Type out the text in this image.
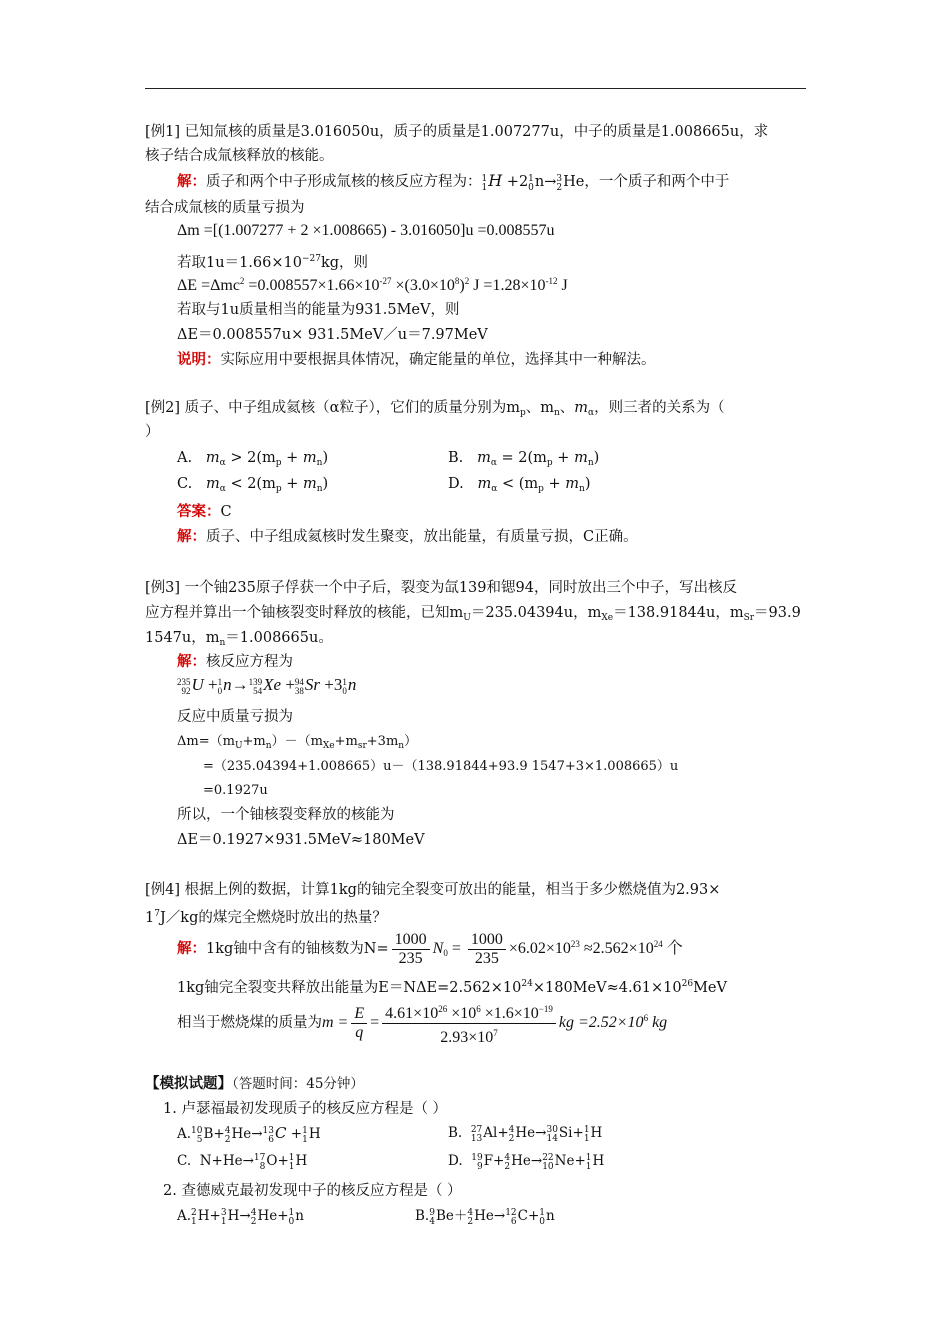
[例1] 已知氚核的质量是3.016050u，质子的质量是1.007277u，中子的质量是1.008665u，求
核子结合成氚核释放的核能。
解：质子和两个中子形成氚核的核反应方程为： 1
1 H +2 1
0 n→ 3
2 He，一个质子和两个中于
结合成氚核的质量亏损为
Δm =[(1.007277 + 2 ×1.008665) - 3.016050]u =0.008557u
若取$1u=1.66\times 10^{-27}kg$，则
$\Delta E =\Delta mc^2 =0.008557\times 1.66\times 10^{-27} \times(3.0\times 10^8)^2$ $J =1.28\times 10^{-12}$ J
若取与1u质量相当的能量为931.5MeV，则
ΔE＝0.008557u× 931.5MeV／u＝7.97MeV
说明：实际应用中要根据具体情况，确定能量的单位，选择其中一种解法。
[例2] 质子、中子组成氦核（α粒子），它们的质量分别为$m_p$、$m_n$、$m_\alpha$，则三者的关系为（
）
A. $m_\alpha > 2(m_p + m_n)$	B. $m_\alpha = 2(m_p + m_n)$
C. $m_\alpha < 2(m_p + m_n)$	D. $m_\alpha < (m_p + m_n)$
答案：C
解：质子、中子组成氦核时发生聚变，放出能量，有质量亏损，C正确。
[例3] 一个铀235原子俘获一个中子后，裂变为氙139和锶94，同时放出三个中子，写出核反
应方程并算出一个铀核裂变时释放的核能，已知$m_U=235.04394u$，$m_{Xe}=138.91844u$，$m_{Sr}=93.9$
1547u，$m_n=1.008665u$。
解：核反应方程为
235
92 U + 1
0 n→ 139
54 Xe + 94
38 Sr +3 1
0 n
反应中质量亏损为
$\Delta m=(m_U+m_n)-(m_{Xe}+m_{sr}+3m_n)$
=（235.04394+1.008665）u－（138.91844+93.9 1547+3×1.008665）u
=0.1927u
所以，一个铀核裂变释放的核能为
ΔE＝0.1927×931.5MeV≈180MeV
[例4] 根据上例的数据，计算1kg的铀完全裂变可放出的能量，相当于多少燃烧值为2.93×
$1^7J/kg$的煤完全燃烧时放出的热量？
解：1kg铀中含有的铀核数为$N= \frac{1000}{235} N_0 = \frac{1000}{235} \times 6.02\times 10^{23} \approx 2.562\times 10^{24}$ 个
1kg铀完全裂变共释放出能量为$E=N\Delta E=2.562\times 10^{24}\times 180MeV\approx 4.61\times 10^{26}MeV$
相当于燃烧煤的质量为$m = \frac{E}{q} = \frac{4.61\times 10^{26} \times 10^6 \times 1.6\times 10^{-19}}{2.93\times 10^7}$ kg $=2.52\times 10^6$ kg
【模拟试题】（答题时间：45分钟）
1. 卢瑟福最初发现质子的核反应方程是（ ）
A. 10
5 B+ 4
2 He→ 13
6 C + 1
1 H	B. 27
13 Al+ 4
2 He→ 30
14 Si+ 1
1 H
C.  N+He→ 17
8 O+ 1
1 H	D. 19
9 F+ 4
2 He→ 22
10 Ne+ 1
1 H
2. 查德威克最初发现中子的核反应方程是（ ）
A. 2
1 H+ 3
1 H→ 4
2 He+ 1
0 n	B. 9
4 Be＋ 4
2 He→ 12
6 C+ 1
0 n
